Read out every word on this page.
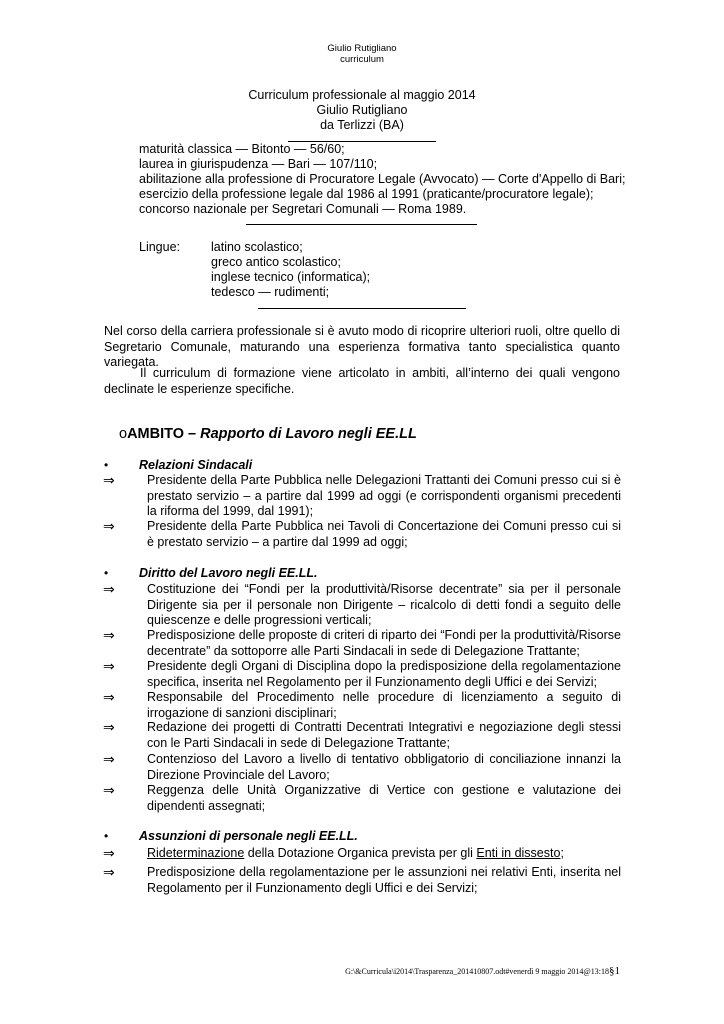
Giulio Rutigliano
curriculum
Curriculum professionale al maggio 2014
Giulio Rutigliano
da Terlizzi (BA)
maturità classica — Bitonto — 56/60;
laurea in giurispudenza — Bari — 107/110;
abilitazione alla professione di Procuratore Legale (Avvocato) — Corte d'Appello di Bari;
esercizio della professione legale dal 1986 al 1991 (praticante/procuratore legale);
concorso nazionale per Segretari Comunali — Roma 1989.
Lingue: latino scolastico;
greco antico scolastico;
inglese tecnico (informatica);
tedesco — rudimenti;
Nel corso della carriera professionale si è avuto modo di ricoprire ulteriori ruoli, oltre quello di Segretario Comunale, maturando una esperienza formativa tanto specialistica quanto variegata.
Il curriculum di formazione viene articolato in ambiti, all’interno dei quali vengono declinate le esperienze specifiche.
oAMBITO – Rapporto di Lavoro negli EE.LL
• Relazioni Sindacali
⇒	Presidente della Parte Pubblica nelle Delegazioni Trattanti dei Comuni presso cui si è prestato servizio – a partire dal 1999 ad oggi (e corrispondenti organismi precedenti la riforma del 1999, dal 1991);
⇒	Presidente della Parte Pubblica nei Tavoli di Concertazione dei Comuni presso cui si è prestato servizio – a partire dal 1999 ad oggi;
• Diritto del Lavoro negli EE.LL.
⇒	Costituzione dei “Fondi per la produttività/Risorse decentrate” sia per il personale Dirigente sia per il personale non Dirigente – ricalcolo di detti fondi a seguito delle quiescenze e delle progressioni verticali;
⇒	Predisposizione delle proposte di criteri di riparto dei “Fondi per la produttività/Risorse decentrate” da sottoporre alle Parti Sindacali in sede di Delegazione Trattante;
⇒	Presidente degli Organi di Disciplina dopo la predisposizione della regolamentazione specifica, inserita nel Regolamento per il Funzionamento degli Uffici e dei Servizi;
⇒	Responsabile del Procedimento nelle procedure di licenziamento a seguito di irrogazione di sanzioni disciplinari;
⇒	Redazione dei progetti di Contratti Decentrati Integrativi e negoziazione degli stessi con le Parti Sindacali in sede di Delegazione Trattante;
⇒	Contenzioso del Lavoro a livello di tentativo obbligatorio di conciliazione innanzi la Direzione Provinciale del Lavoro;
⇒	Reggenza delle Unità Organizzative di Vertice con gestione e valutazione dei dipendenti assegnati;
• Assunzioni di personale negli EE.LL.
⇒	Rideterminazione della Dotazione Organica prevista per gli Enti in dissesto;
⇒	Predisposizione della regolamentazione per le assunzioni nei relativi Enti, inserita nel Regolamento per il Funzionamento degli Uffici e dei Servizi;
G:\&Curricula\i2014\Trasparenza_201410807.odt#venerdì 9 maggio 2014@13:18§1
